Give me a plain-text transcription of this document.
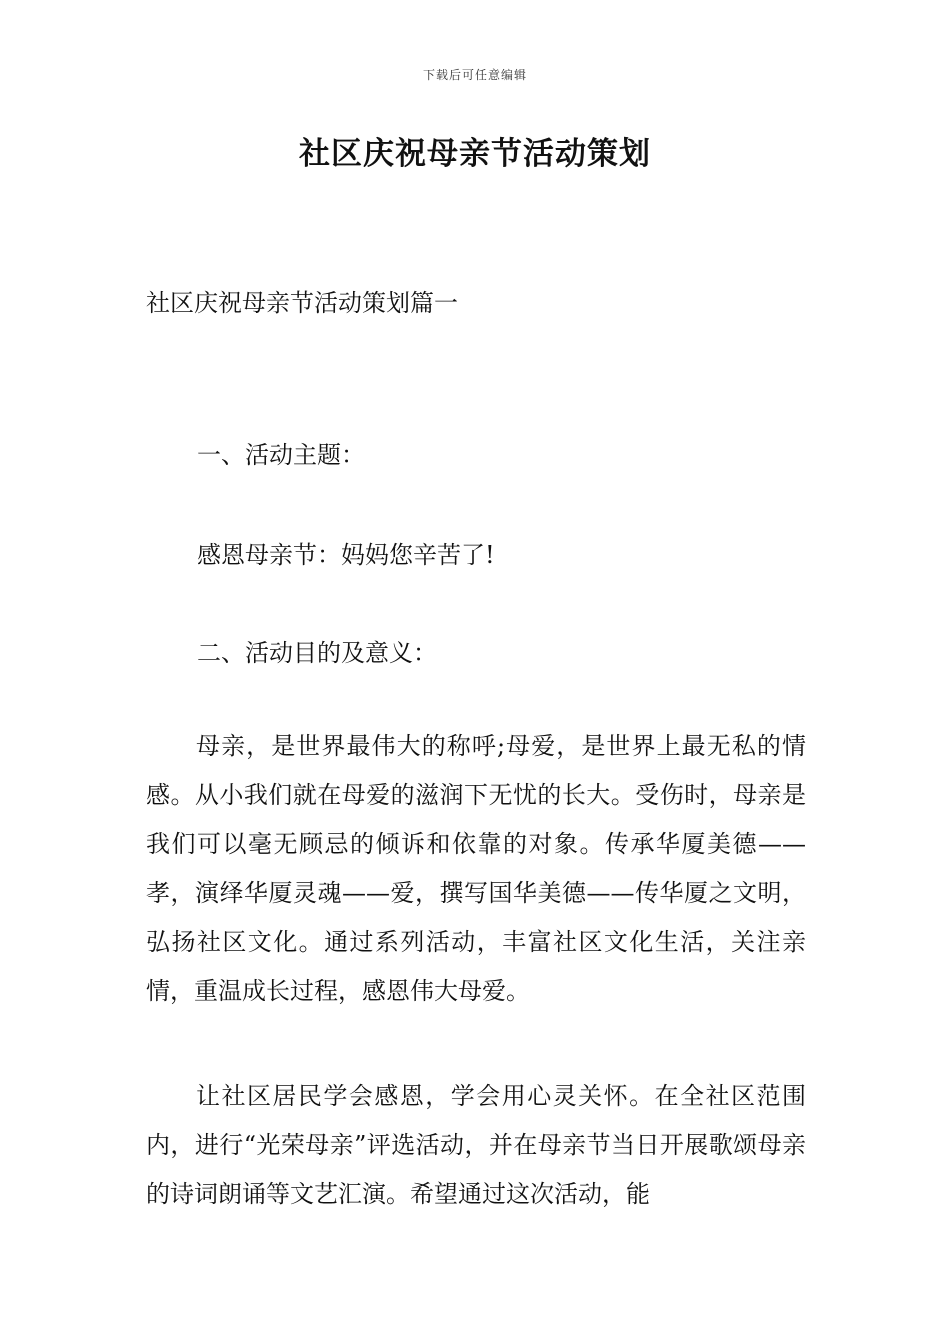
下载后可任意编辑
社区庆祝母亲节活动策划
社区庆祝母亲节活动策划篇一
一、活动主题：
感恩母亲节：妈妈您辛苦了!
二、活动目的及意义：

母亲，是世界最伟大的称呼;母爱，是世界上最无私的情感。从小我们就在母爱的滋润下无忧的长大。受伤时，母亲是我们可以毫无顾忌的倾诉和依靠的对象。传承华厦美德——孝，演绎华厦灵魂——爱，撰写国华美德——传华厦之文明，弘扬社区文化。通过系列活动，丰富社区文化生活，关注亲情，重温成长过程，感恩伟大母爱。

让社区居民学会感恩，学会用心灵关怀。在全社区范围内，进行“光荣母亲”评选活动，并在母亲节当日开展歌颂母亲的诗词朗诵等文艺汇演。希望通过这次活动，能
